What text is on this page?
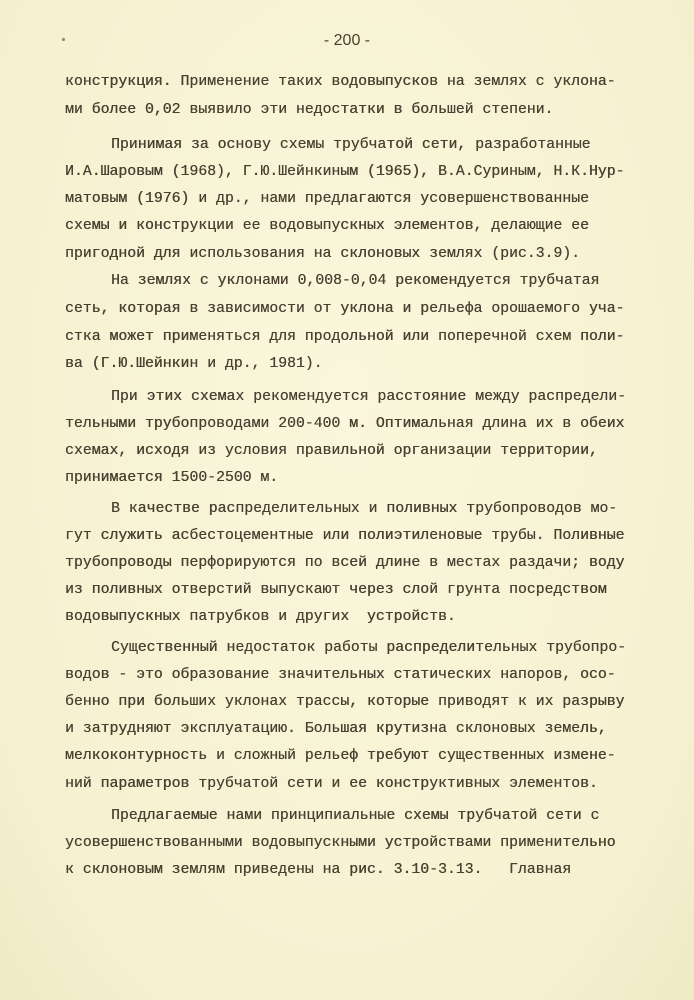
- 200 -
конструкция. Применение таких водовыпусков на землях с уклона-
ми более 0,02 выявило эти недостатки в большей степени.
Принимая за основу схемы трубчатой сети, разработанные
И.А.Шаровым (1968), Г.Ю.Шейнкиным (1965), В.А.Суриным, Н.К.Нур-
матовым (1976) и др., нами предлагаются усовершенствованные
схемы и конструкции ее водовыпускных элементов, делающие ее
пригодной для использования на склоновых землях (рис.3.9).
На землях с уклонами 0,008-0,04 рекомендуется трубчатая
сеть, которая в зависимости от уклона и рельефа орошаемого уча-
стка может применяться для продольной или поперечной схем поли-
ва (Г.Ю.Шейнкин и др., 1981).
При этих схемах рекомендуется расстояние между распредели-
тельными трубопроводами 200-400 м. Оптимальная длина их в обеих
схемах, исходя из условия правильной организации территории,
принимается 1500-2500 м.
В качестве распределительных и поливных трубопроводов мо-
гут служить асбестоцементные или полиэтиленовые трубы. Поливные
трубопроводы перфорируются по всей длине в местах раздачи; воду
из поливных отверстий выпускают через слой грунта посредством
водовыпускных патрубков и других  устройств.
Существенный недостаток работы распределительных трубопро-
водов - это образование значительных статических напоров, осо-
бенно при больших уклонах трассы, которые приводят к их разрыву
и затрудняют эксплуатацию. Большая крутизна склоновых земель,
мелкоконтурность и сложный рельеф требуют существенных измене-
ний параметров трубчатой сети и ее конструктивных элементов.
Предлагаемые нами принципиальные схемы трубчатой сети с
усовершенствованными водовыпускными устройствами применительно
к склоновым землям приведены на рис. 3.10-3.13.   Главная
